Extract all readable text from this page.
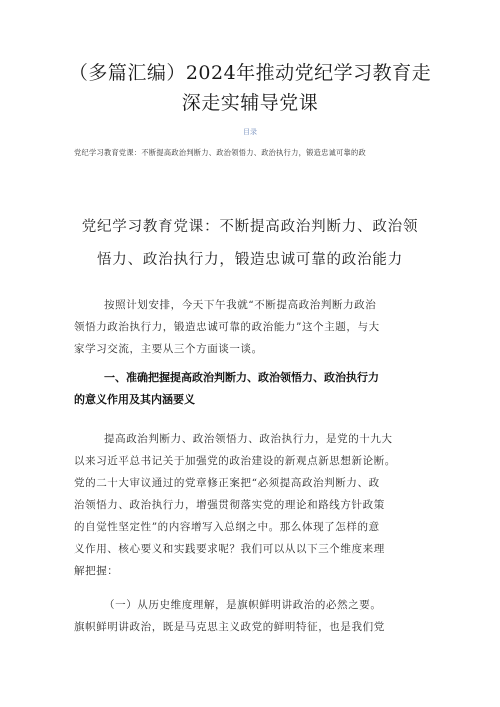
（多篇汇编）2024年推动党纪学习教育走
深走实辅导党课
目录
党纪学习教育党课：不断提高政治判断力、政治领悟力、政治执行力，锻造忠诚可靠的政
党纪学习教育党课：不断提高政治判断力、政治领
悟力、政治执行力，锻造忠诚可靠的政治能力
按照计划安排，今天下午我就“不断提高政治判断力政治
领悟力政治执行力，锻造忠诚可靠的政治能力”这个主题，与大
家学习交流，主要从三个方面谈一谈。
一、准确把握提高政治判断力、政治领悟力、政治执行力
的意义作用及其内涵要义
提高政治判断力、政治领悟力、政治执行力，是党的十九大
以来习近平总书记关于加强党的政治建设的新观点新思想新论断。
党的二十大审议通过的党章修正案把“必须提高政治判断力、政
治领悟力、政治执行力，增强贯彻落实党的理论和路线方针政策
的自觉性坚定性”的内容增写入总纲之中。那么体现了怎样的意
义作用、核心要义和实践要求呢？我们可以从以下三个维度来理
解把握：
（一）从历史维度理解，是旗帜鲜明讲政治的必然之要。
旗帜鲜明讲政治，既是马克思主义政党的鲜明特征，也是我们党
